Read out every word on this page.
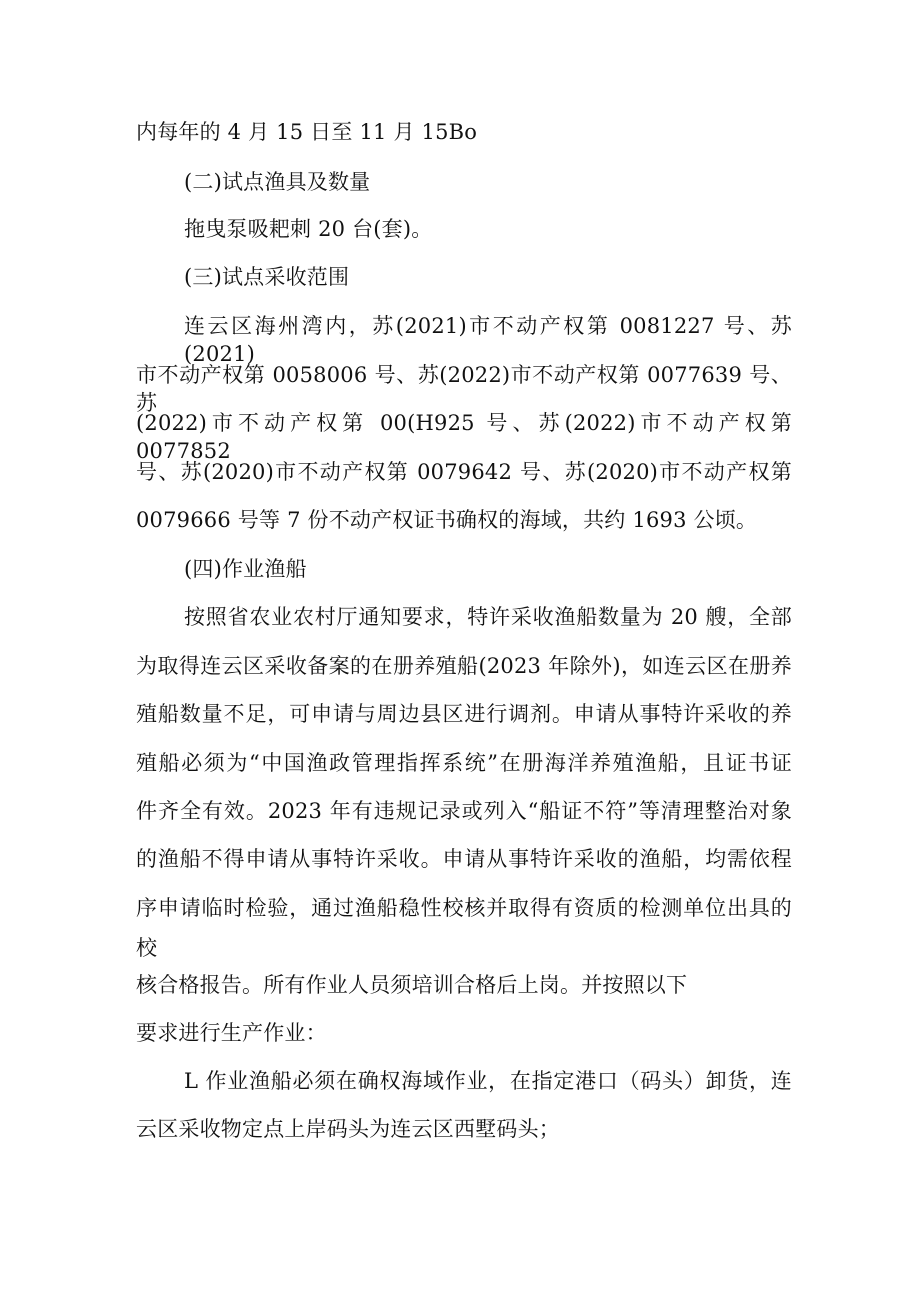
内每年的 4 月 15 日至 11 月 15Bo
(二)试点渔具及数量
拖曳泵吸耙刺 20 台(套)。
(三)试点采收范围
连云区海州湾内，苏(2021)市不动产权第 0081227 号、苏(2021)
市不动产权第 0058006 号、苏(2022)市不动产权第 0077639 号、苏
(2022)市不动产权第 00(H925 号、苏(2022)市不动产权第 0077852
号、苏(2020)市不动产权第 0079642 号、苏(2020)市不动产权第
0079666 号等 7 份不动产权证书确权的海域，共约 1693 公顷。
(四)作业渔船
按照省农业农村厅通知要求，特许采收渔船数量为 20 艘，全部
为取得连云区采收备案的在册养殖船(2023 年除外)，如连云区在册养
殖船数量不足，可申请与周边县区进行调剂。申请从事特许采收的养
殖船必须为“中国渔政管理指挥系统”在册海洋养殖渔船，且证书证
件齐全有效。2023 年有违规记录或列入“船证不符”等清理整治对象
的渔船不得申请从事特许采收。申请从事特许采收的渔船，均需依程
序申请临时检验，通过渔船稳性校核并取得有资质的检测单位出具的
校
核合格报告。所有作业人员须培训合格后上岗。并按照以下
要求进行生产作业：
L 作业渔船必须在确权海域作业，在指定港口（码头）卸货，连
云区采收物定点上岸码头为连云区西墅码头；
